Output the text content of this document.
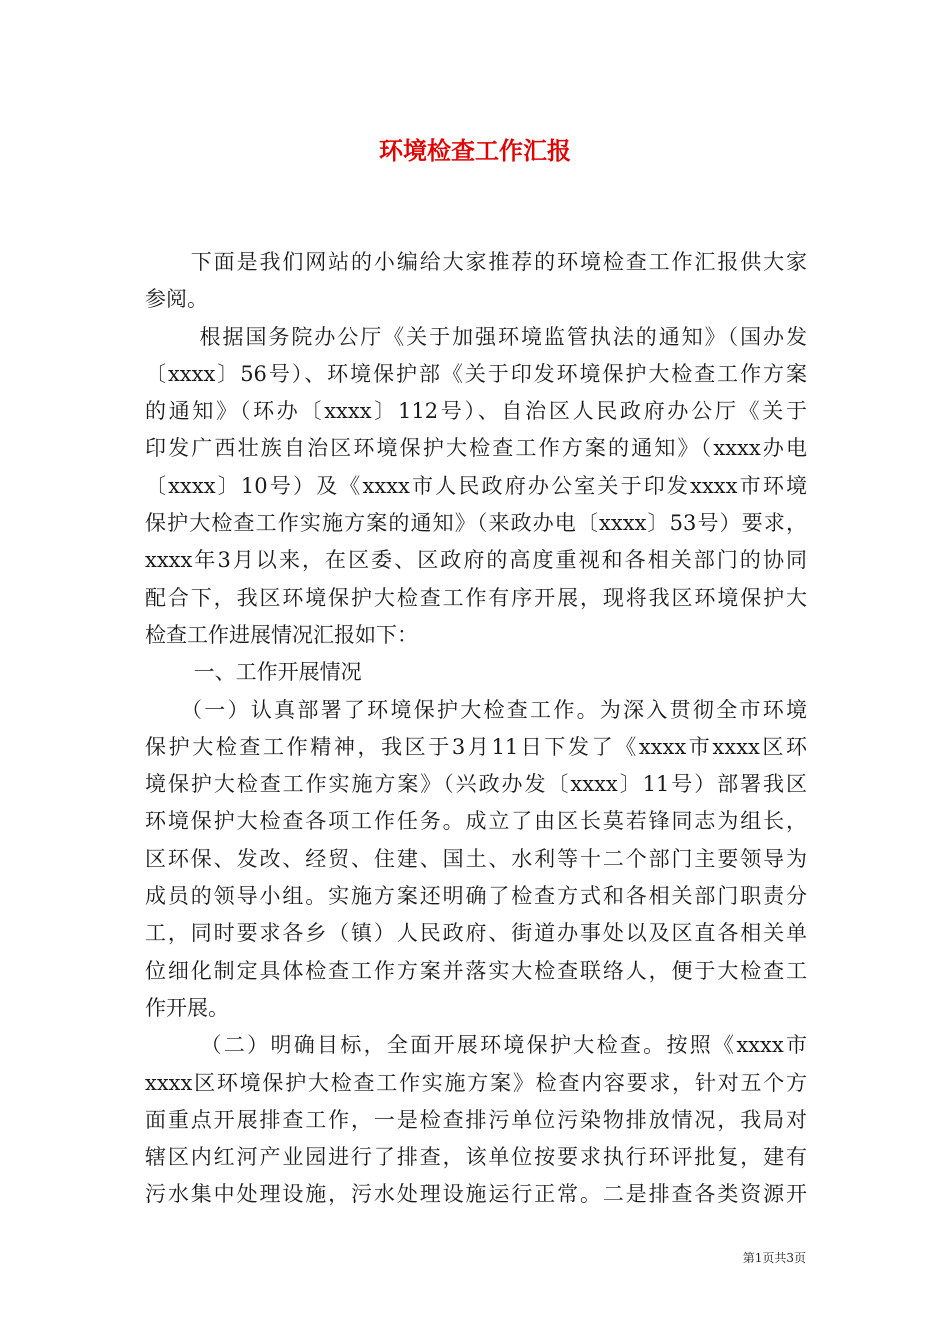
环境检查工作汇报
　　下面是我们网站的小编给大家推荐的环境检查工作汇报供大家
参阅。
　　 根据国务院办公厅《关于加强环境监管执法的通知》（国办发
〔xxxx〕56号）、环境保护部《关于印发环境保护大检查工作方案
的通知》（环办〔xxxx〕112号）、自治区人民政府办公厅《关于
印发广西壮族自治区环境保护大检查工作方案的通知》（xxxx办电
〔xxxx〕10号）及《xxxx市人民政府办公室关于印发xxxx市环境
保护大检查工作实施方案的通知》（来政办电〔xxxx〕53号）要求，
xxxx年3月以来，在区委、区政府的高度重视和各相关部门的协同
配合下，我区环境保护大检查工作有序开展，现将我区环境保护大
检查工作进展情况汇报如下：
　　 一、工作开展情况
　　（一）认真部署了环境保护大检查工作。为深入贯彻全市环境
保护大检查工作精神，我区于3月11日下发了《xxxx市xxxx区环
境保护大检查工作实施方案》（兴政办发〔xxxx〕11号）部署我区
环境保护大检查各项工作任务。成立了由区长莫若锋同志为组长，
区环保、发改、经贸、住建、国土、水利等十二个部门主要领导为
成员的领导小组。实施方案还明确了检查方式和各相关部门职责分
工，同时要求各乡（镇）人民政府、街道办事处以及区直各相关单
位细化制定具体检查工作方案并落实大检查联络人，便于大检查工
作开展。
　　 （二）明确目标，全面开展环境保护大检查。按照《xxxx市
xxxx区环境保护大检查工作实施方案》检查内容要求，针对五个方
面重点开展排查工作，一是检查排污单位污染物排放情况，我局对
辖区内红河产业园进行了排查，该单位按要求执行环评批复，建有
污水集中处理设施，污水处理设施运行正常。二是排查各类资源开
第1页共3页
